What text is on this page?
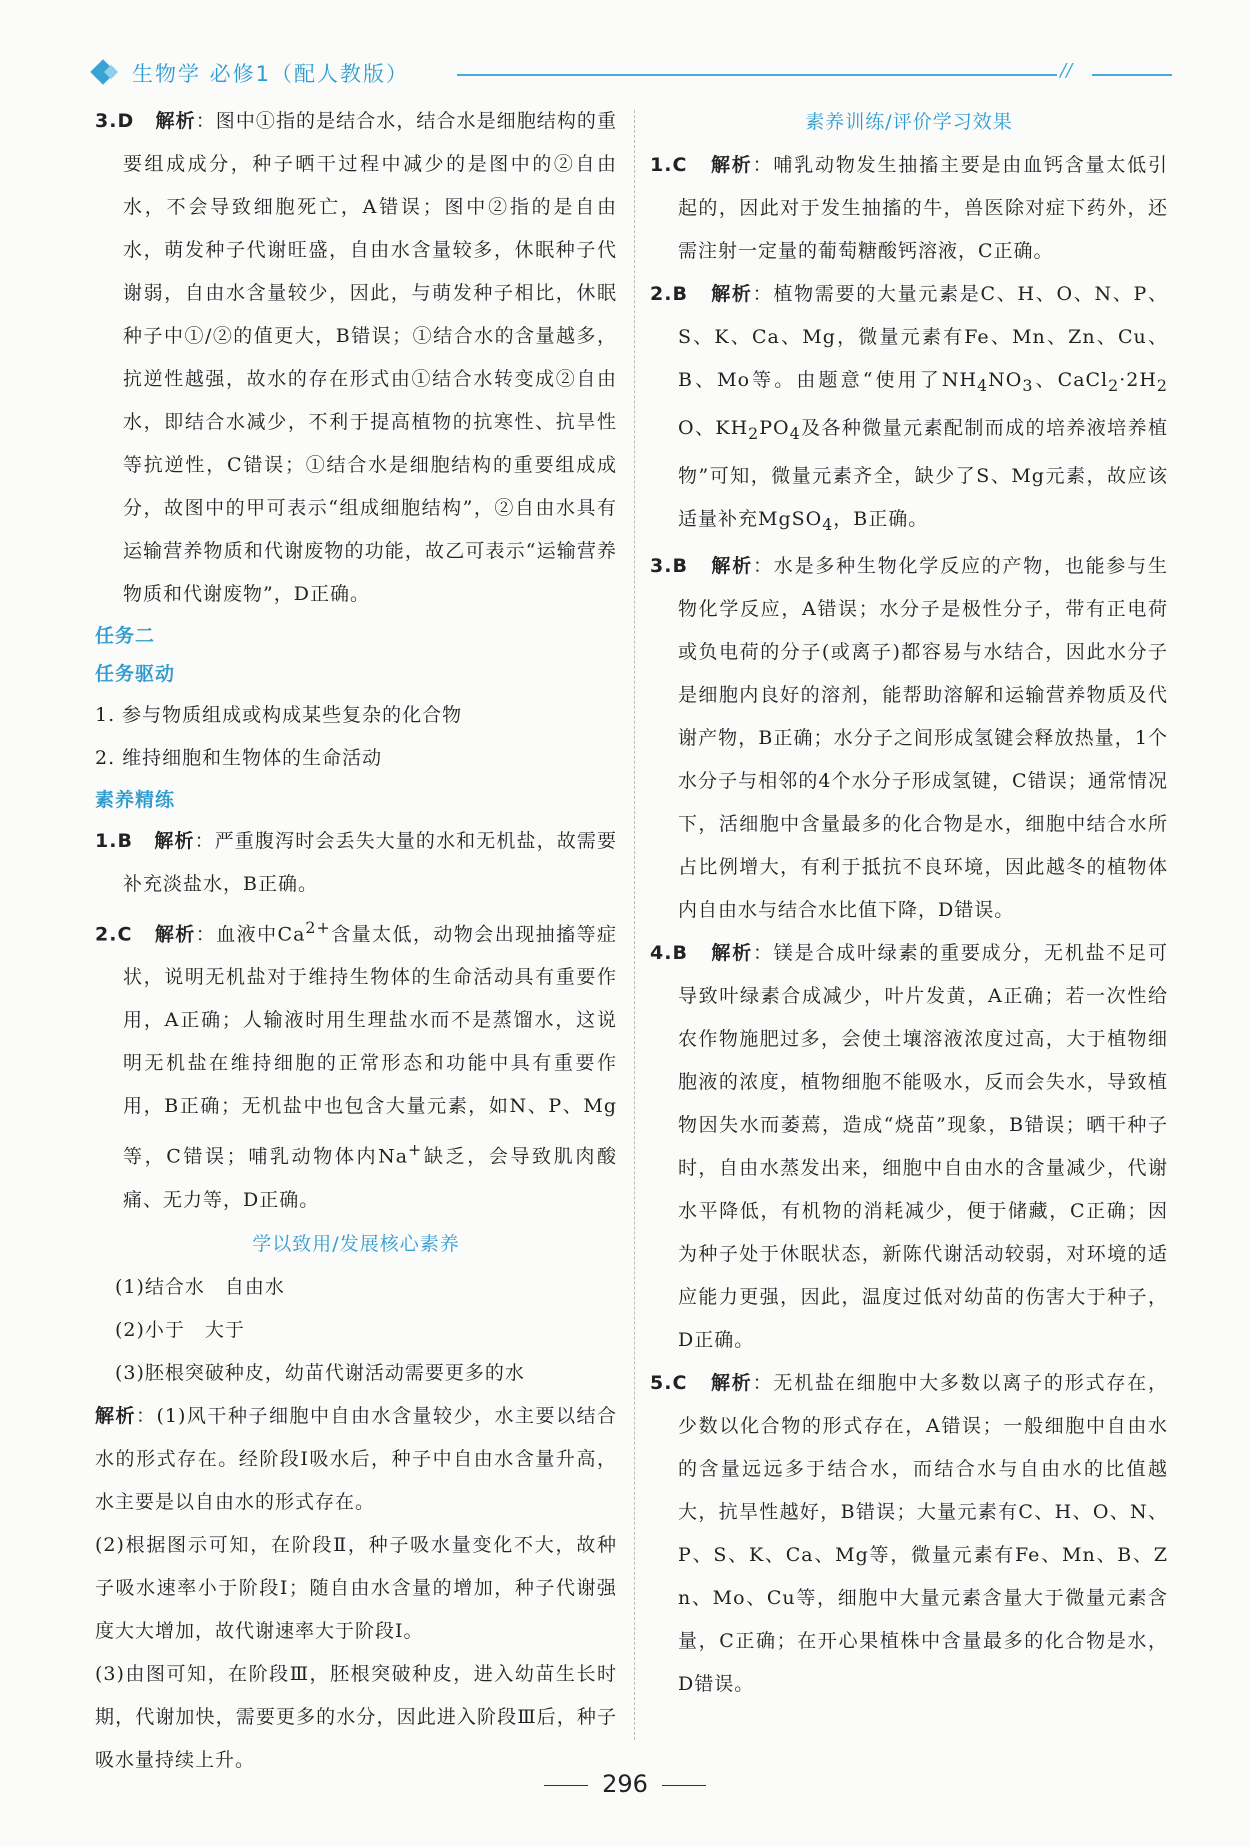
生物学 必修1（配人教版）	//

3.D 解析：图中①指的是结合水，结合水是细胞结构的重要组成成分，种子晒干过程中减少的是图中的②自由水，不会导致细胞死亡，A错误；图中②指的是自由水，萌发种子代谢旺盛，自由水含量较多，休眠种子代谢弱，自由水含量较少，因此，与萌发种子相比，休眠种子中①/②的值更大，B错误；①结合水的含量越多，抗逆性越强，故水的存在形式由①结合水转变成②自由水，即结合水减少，不利于提高植物的抗寒性、抗旱性等抗逆性，C错误；①结合水是细胞结构的重要组成成分，故图中的甲可表示“组成细胞结构”，②自由水具有运输营养物质和代谢废物的功能，故乙可表示“运输营养物质和代谢废物”，D正确。

任务二
任务驱动

1. 参与物质组成或构成某些复杂的化合物

2. 维持细胞和生物体的生命活动

素养精练

1.B 解析：严重腹泻时会丢失大量的水和无机盐，故需要补充淡盐水，B正确。

2.C 解析：血液中$Ca^{2+}$含量太低，动物会出现抽搐等症状，说明无机盐对于维持生物体的生命活动具有重要作用，A正确；人输液时用生理盐水而不是蒸馏水，这说明无机盐在维持细胞的正常形态和功能中具有重要作用，B正确；无机盐中也包含大量元素，如N、P、Mg等，C错误；哺乳动物体内Na+缺乏，会导致肌肉酸痛、无力等，D正确。

学以致用/发展核心素养

(1)结合水　自由水

(2)小于　大于

(3)胚根突破种皮，幼苗代谢活动需要更多的水

解析：(1)风干种子细胞中自由水含量较少，水主要以结合水的形式存在。经阶段Ⅰ吸水后，种子中自由水含量升高，水主要是以自由水的形式存在。

(2)根据图示可知，在阶段Ⅱ，种子吸水量变化不大，故种子吸水速率小于阶段Ⅰ；随自由水含量的增加，种子代谢强度大大增加，故代谢速率大于阶段Ⅰ。

(3)由图可知，在阶段Ⅲ，胚根突破种皮，进入幼苗生长时期，代谢加快，需要更多的水分，因此进入阶段Ⅲ后，种子吸水量持续上升。

素养训练/评价学习效果

1.C 解析：哺乳动物发生抽搐主要是由血钙含量太低引起的，因此对于发生抽搐的牛，兽医除对症下药外，还需注射一定量的葡萄糖酸钙溶液，C正确。

2.B 解析：植物需要的大量元素是C、H、O、N、P、S、K、Ca、Mg，微量元素有Fe、Mn、Zn、Cu、B、Mo等。由题意“使用了$NH_4NO_3$、$CaCl_2\cdot 2H_2O$、$KH_2PO_4$及各种微量元素配制而成的培养液培养植物”可知，微量元素齐全，缺少了S、Mg元素，故应该适量补充MgSO$_4$，B正确。

3.B 解析：水是多种生物化学反应的产物，也能参与生物化学反应，A错误；水分子是极性分子，带有正电荷或负电荷的分子(或离子)都容易与水结合，因此水分子是细胞内良好的溶剂，能帮助溶解和运输营养物质及代谢产物，B正确；水分子之间形成氢键会释放热量，1个水分子与相邻的4个水分子形成氢键，C错误；通常情况下，活细胞中含量最多的化合物是水，细胞中结合水所占比例增大，有利于抵抗不良环境，因此越冬的植物体内自由水与结合水比值下降，D错误。

4.B 解析：镁是合成叶绿素的重要成分，无机盐不足可导致叶绿素合成减少，叶片发黄，A正确；若一次性给农作物施肥过多，会使土壤溶液浓度过高，大于植物细胞液的浓度，植物细胞不能吸水，反而会失水，导致植物因失水而萎蔫，造成“烧苗”现象，B错误；晒干种子时，自由水蒸发出来，细胞中自由水的含量减少，代谢水平降低，有机物的消耗减少，便于储藏，C正确；因为种子处于休眠状态，新陈代谢活动较弱，对环境的适应能力更强，因此，温度过低对幼苗的伤害大于种子，D正确。

5.C 解析：无机盐在细胞中大多数以离子的形式存在，少数以化合物的形式存在，A错误；一般细胞中自由水的含量远远多于结合水，而结合水与自由水的比值越大，抗旱性越好，B错误；大量元素有C、H、O、N、P、S、K、Ca、Mg等，微量元素有Fe、Mn、B、Zn、Mo、Cu等，细胞中大量元素含量大于微量元素含量，C正确；在开心果植株中含量最多的化合物是水，D错误。

296
